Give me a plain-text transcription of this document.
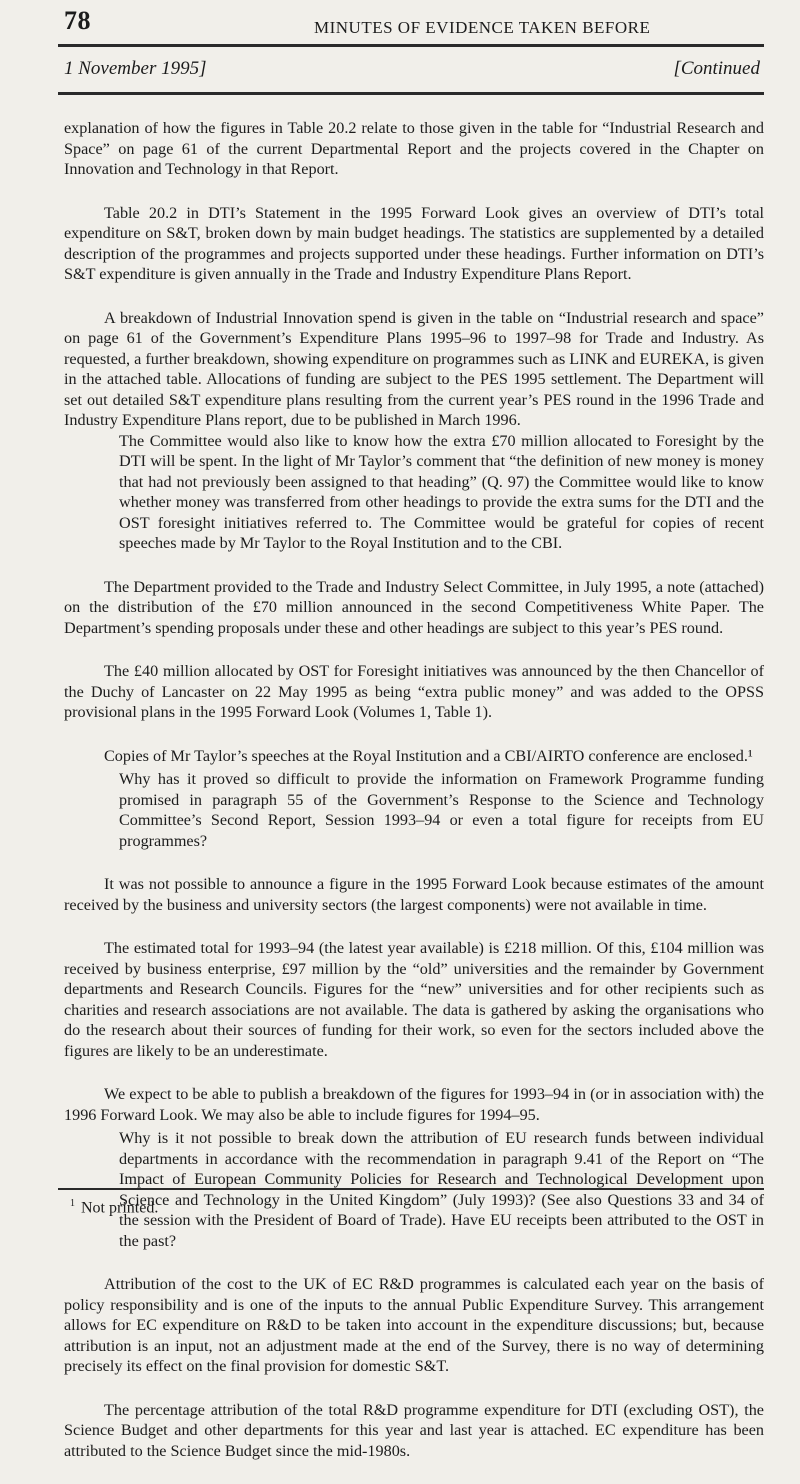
78	MINUTES OF EVIDENCE TAKEN BEFORE
1 November 1995]	[Continued

explanation of how the figures in Table 20.2 relate to those given in the table for “Industrial Research and Space” on page 61 of the current Departmental Report and the projects covered in the Chapter on Innovation and Technology in that Report.

Table 20.2 in DTI’s Statement in the 1995 Forward Look gives an overview of DTI’s total expenditure on S&T, broken down by main budget headings. The statistics are supplemented by a detailed description of the programmes and projects supported under these headings. Further information on DTI’s S&T expenditure is given annually in the Trade and Industry Expenditure Plans Report.

A breakdown of Industrial Innovation spend is given in the table on “Industrial research and space” on page 61 of the Government’s Expenditure Plans 1995–96 to 1997–98 for Trade and Industry. As requested, a further breakdown, showing expenditure on programmes such as LINK and EUREKA, is given in the attached table. Allocations of funding are subject to the PES 1995 settlement. The Department will set out detailed S&T expenditure plans resulting from the current year’s PES round in the 1996 Trade and Industry Expenditure Plans report, due to be published in March 1996.

The Committee would also like to know how the extra £70 million allocated to Foresight by the DTI will be spent. In the light of Mr Taylor’s comment that “the definition of new money is money that had not previously been assigned to that heading” (Q. 97) the Committee would like to know whether money was transferred from other headings to provide the extra sums for the DTI and the OST foresight initiatives referred to. The Committee would be grateful for copies of recent speeches made by Mr Taylor to the Royal Institution and to the CBI.

The Department provided to the Trade and Industry Select Committee, in July 1995, a note (attached) on the distribution of the £70 million announced in the second Competitiveness White Paper. The Department’s spending proposals under these and other headings are subject to this year’s PES round.

The £40 million allocated by OST for Foresight initiatives was announced by the then Chancellor of the Duchy of Lancaster on 22 May 1995 as being “extra public money” and was added to the OPSS provisional plans in the 1995 Forward Look (Volumes 1, Table 1).

Copies of Mr Taylor’s speeches at the Royal Institution and a CBI/AIRTO conference are enclosed.¹

Why has it proved so difficult to provide the information on Framework Programme funding promised in paragraph 55 of the Government’s Response to the Science and Technology Committee’s Second Report, Session 1993–94 or even a total figure for receipts from EU programmes?

It was not possible to announce a figure in the 1995 Forward Look because estimates of the amount received by the business and university sectors (the largest components) were not available in time.

The estimated total for 1993–94 (the latest year available) is £218 million. Of this, £104 million was received by business enterprise, £97 million by the “old” universities and the remainder by Government departments and Research Councils. Figures for the “new” universities and for other recipients such as charities and research associations are not available. The data is gathered by asking the organisations who do the research about their sources of funding for their work, so even for the sectors included above the figures are likely to be an underestimate.

We expect to be able to publish a breakdown of the figures for 1993–94 in (or in association with) the 1996 Forward Look. We may also be able to include figures for 1994–95.

Why is it not possible to break down the attribution of EU research funds between individual departments in accordance with the recommendation in paragraph 9.41 of the Report on “The Impact of European Community Policies for Research and Technological Development upon Science and Technology in the United Kingdom” (July 1993)? (See also Questions 33 and 34 of the session with the President of Board of Trade). Have EU receipts been attributed to the OST in the past?

Attribution of the cost to the UK of EC R&D programmes is calculated each year on the basis of policy responsibility and is one of the inputs to the annual Public Expenditure Survey. This arrangement allows for EC expenditure on R&D to be taken into account in the expenditure discussions; but, because attribution is an input, not an adjustment made at the end of the Survey, there is no way of determining precisely its effect on the final provision for domestic S&T.

The percentage attribution of the total R&D programme expenditure for DTI (excluding OST), the Science Budget and other departments for this year and last year is attached. EC expenditure has been attributed to the Science Budget since the mid-1980s.

$^1$ Not printed.
